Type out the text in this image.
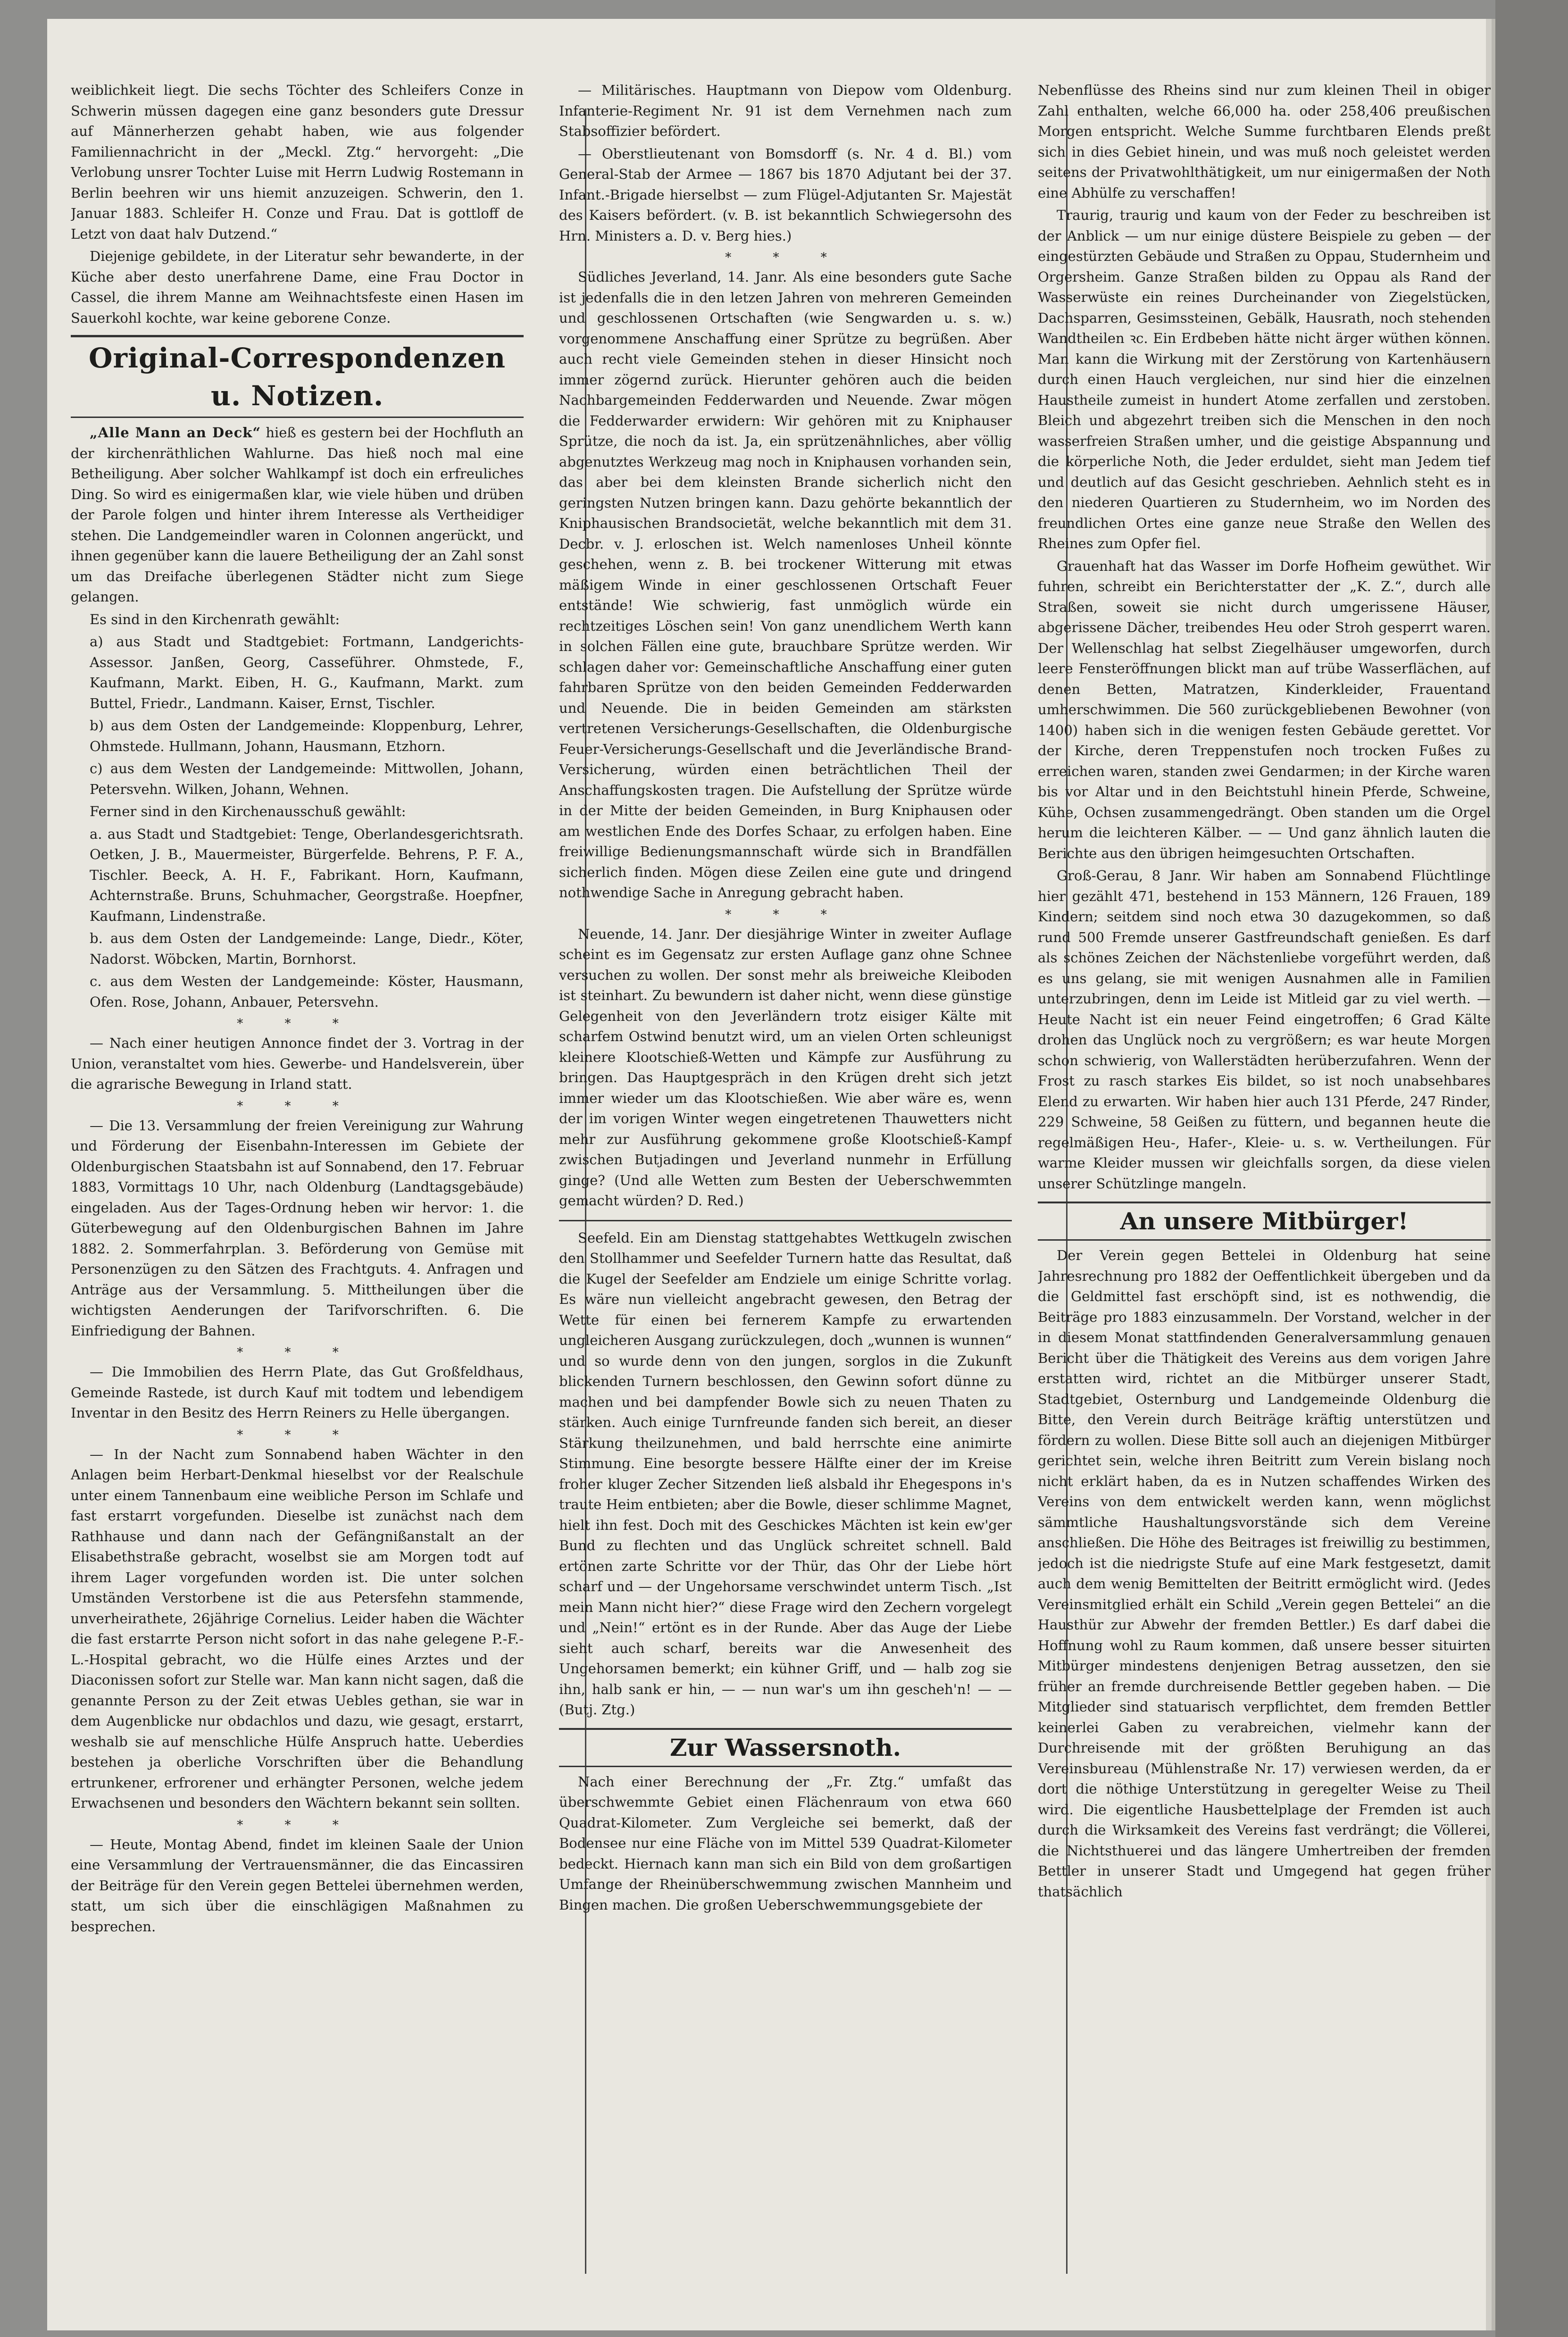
weiblichkeit liegt. Die sechs Töchter des Schleifers Conze in Schwerin müssen dagegen eine ganz besonders gute Dressur auf Männerherzen gehabt haben, wie aus folgender Familiennachricht in der „Meckl. Ztg.“ hervorgeht: „Die Verlobung unsrer Tochter Luise mit Herrn Ludwig Rostemann in Berlin beehren wir uns hiemit anzuzeigen. Schwerin, den 1. Januar 1883. Schleifer H. Conze und Frau. Dat is gottloff de Letzt von daat halv Dutzend.“

Diejenige gebildete, in der Literatur sehr bewanderte, in der Küche aber desto unerfahrene Dame, eine Frau Doctor in Cassel, die ihrem Manne am Weihnachtsfeste einen Hasen im Sauerkohl kochte, war keine geborene Conze.

Original-Correspondenzen u. Notizen.

„Alle Mann an Deck“ hieß es gestern bei der Hochfluth an der kirchenräthlichen Wahlurne. Das hieß noch mal eine Betheiligung. Aber solcher Wahlkampf ist doch ein erfreuliches Ding. So wird es einigermaßen klar, wie viele hüben und drüben der Parole folgen und hinter ihrem Interesse als Vertheidiger stehen. Die Landgemeindler waren in Colonnen angerückt, und ihnen gegenüber kann die lauere Betheiligung der an Zahl sonst um das Dreifache überlegenen Städter nicht zum Siege gelangen.

Es sind in den Kirchenrath gewählt:

a) aus Stadt und Stadtgebiet: Fortmann, Landgerichts-Assessor. Janßen, Georg, Casseführer. Ohmstede, F., Kaufmann, Markt. Eiben, H. G., Kaufmann, Markt. zum Buttel, Friedr., Landmann. Kaiser, Ernst, Tischler.

b) aus dem Osten der Landgemeinde: Kloppenburg, Lehrer, Ohmstede. Hullmann, Johann, Hausmann, Etzhorn.

c) aus dem Westen der Landgemeinde: Mittwollen, Johann, Petersvehn. Wilken, Johann, Wehnen.

Ferner sind in den Kirchenausschuß gewählt:

a. aus Stadt und Stadtgebiet: Tenge, Oberlandesgerichtsrath. Oetken, J. B., Mauermeister, Bürgerfelde. Behrens, P. F. A., Tischler. Beeck, A. H. F., Fabrikant. Horn, Kaufmann, Achternstraße. Bruns, Schuhmacher, Georgstraße. Hoepfner, Kaufmann, Lindenstraße.

b. aus dem Osten der Landgemeinde: Lange, Diedr., Köter, Nadorst. Wöbcken, Martin, Bornhorst.

c. aus dem Westen der Landgemeinde: Köster, Hausmann, Ofen. Rose, Johann, Anbauer, Petersvehn.

* * *

— Nach einer heutigen Annonce findet der 3. Vortrag in der Union, veranstaltet vom hies. Gewerbe- und Handelsverein, über die agrarische Bewegung in Irland statt.

* * *

— Die 13. Versammlung der freien Vereinigung zur Wahrung und Förderung der Eisenbahn-Interessen im Gebiete der Oldenburgischen Staatsbahn ist auf Sonnabend, den 17. Februar 1883, Vormittags 10 Uhr, nach Oldenburg (Landtagsgebäude) eingeladen. Aus der Tages-Ordnung heben wir hervor: 1. die Güterbewegung auf den Oldenburgischen Bahnen im Jahre 1882. 2. Sommerfahrplan. 3. Beförderung von Gemüse mit Personenzügen zu den Sätzen des Frachtguts. 4. Anfragen und Anträge aus der Versammlung. 5. Mittheilungen über die wichtigsten Aenderungen der Tarifvorschriften. 6. Die Einfriedigung der Bahnen.

* * *

— Die Immobilien des Herrn Plate, das Gut Großfeldhaus, Gemeinde Rastede, ist durch Kauf mit todtem und lebendigem Inventar in den Besitz des Herrn Reiners zu Helle übergangen.

* * *

— In der Nacht zum Sonnabend haben Wächter in den Anlagen beim Herbart-Denkmal hieselbst vor der Realschule unter einem Tannenbaum eine weibliche Person im Schlafe und fast erstarrt vorgefunden. Dieselbe ist zunächst nach dem Rathhause und dann nach der Gefängnißanstalt an der Elisabethstraße gebracht, woselbst sie am Morgen todt auf ihrem Lager vorgefunden worden ist. Die unter solchen Umständen Verstorbene ist die aus Petersfehn stammende, unverheirathete, 26jährige Cornelius. Leider haben die Wächter die fast erstarrte Person nicht sofort in das nahe gelegene P.-F.-L.-Hospital gebracht, wo die Hülfe eines Arztes und der Diaconissen sofort zur Stelle war. Man kann nicht sagen, daß die genannte Person zu der Zeit etwas Uebles gethan, sie war in dem Augenblicke nur obdachlos und dazu, wie gesagt, erstarrt, weshalb sie auf menschliche Hülfe Anspruch hatte. Ueberdies bestehen ja oberliche Vorschriften über die Behandlung ertrunkener, erfrorener und erhängter Personen, welche jedem Erwachsenen und besonders den Wächtern bekannt sein sollten.

* * *

— Heute, Montag Abend, findet im kleinen Saale der Union eine Versammlung der Vertrauensmänner, die das Eincassiren der Beiträge für den Verein gegen Bettelei übernehmen werden, statt, um sich über die einschlägigen Maßnahmen zu besprechen.

— Militärisches. Hauptmann von Diepow vom Oldenburg. Infanterie-Regiment Nr. 91 ist dem Vernehmen nach zum Stabsoffizier befördert.

— Oberstlieutenant von Bomsdorff (s. Nr. 4 d. Bl.) vom General-Stab der Armee — 1867 bis 1870 Adjutant bei der 37. Infant.-Brigade hierselbst — zum Flügel-Adjutanten Sr. Majestät des Kaisers befördert. (v. B. ist bekanntlich Schwiegersohn des Hrn. Ministers a. D. v. Berg hies.)

* * *

Südliches Jeverland, 14. Janr. Als eine besonders gute Sache ist jedenfalls die in den letzen Jahren von mehreren Gemeinden und geschlossenen Ortschaften (wie Sengwarden u. s. w.) vorgenommene Anschaffung einer Sprütze zu begrüßen. Aber auch recht viele Gemeinden stehen in dieser Hinsicht noch immer zögernd zurück. Hierunter gehören auch die beiden Nachbargemeinden Fedderwarden und Neuende. Zwar mögen die Fedderwarder erwidern: Wir gehören mit zu Kniphauser Sprütze, die noch da ist. Ja, ein sprützenähnliches, aber völlig abgenutztes Werkzeug mag noch in Kniphausen vorhanden sein, das aber bei dem kleinsten Brande sicherlich nicht den geringsten Nutzen bringen kann. Dazu gehörte bekanntlich der Kniphausischen Brandsocietät, welche bekanntlich mit dem 31. Decbr. v. J. erloschen ist. Welch namenloses Unheil könnte geschehen, wenn z. B. bei trockener Witterung mit etwas mäßigem Winde in einer geschlossenen Ortschaft Feuer entstände! Wie schwierig, fast unmöglich würde ein rechtzeitiges Löschen sein! Von ganz unendlichem Werth kann in solchen Fällen eine gute, brauchbare Sprütze werden. Wir schlagen daher vor: Gemeinschaftliche Anschaffung einer guten fahrbaren Sprütze von den beiden Gemeinden Fedderwarden und Neuende. Die in beiden Gemeinden am stärksten vertretenen Versicherungs-Gesellschaften, die Oldenburgische Feuer-Versicherungs-Gesellschaft und die Jeverländische Brand-Versicherung, würden einen beträchtlichen Theil der Anschaffungskosten tragen. Die Aufstellung der Sprütze würde in der Mitte der beiden Gemeinden, in Burg Kniphausen oder am westlichen Ende des Dorfes Schaar, zu erfolgen haben. Eine freiwillige Bedienungsmannschaft würde sich in Brandfällen sicherlich finden. Mögen diese Zeilen eine gute und dringend nothwendige Sache in Anregung gebracht haben.

* * *

Neuende, 14. Janr. Der diesjährige Winter in zweiter Auflage scheint es im Gegensatz zur ersten Auflage ganz ohne Schnee versuchen zu wollen. Der sonst mehr als breiweiche Kleiboden ist steinhart. Zu bewundern ist daher nicht, wenn diese günstige Gelegenheit von den Jeverländern trotz eisiger Kälte mit scharfem Ostwind benutzt wird, um an vielen Orten schleunigst kleinere Klootschieß-Wetten und Kämpfe zur Ausführung zu bringen. Das Hauptgespräch in den Krügen dreht sich jetzt immer wieder um das Klootschießen. Wie aber wäre es, wenn der im vorigen Winter wegen eingetretenen Thauwetters nicht mehr zur Ausführung gekommene große Klootschieß-Kampf zwischen Butjadingen und Jeverland nunmehr in Erfüllung ginge? (Und alle Wetten zum Besten der Ueberschwemmten gemacht würden? D. Red.)

Seefeld. Ein am Dienstag stattgehabtes Wettkugeln zwischen den Stollhammer und Seefelder Turnern hatte das Resultat, daß die Kugel der Seefelder am Endziele um einige Schritte vorlag. Es wäre nun vielleicht angebracht gewesen, den Betrag der Wette für einen bei fernerem Kampfe zu erwartenden ungleicheren Ausgang zurückzulegen, doch „wunnen is wunnen“ und so wurde denn von den jungen, sorglos in die Zukunft blickenden Turnern beschlossen, den Gewinn sofort dünne zu machen und bei dampfender Bowle sich zu neuen Thaten zu stärken. Auch einige Turnfreunde fanden sich bereit, an dieser Stärkung theilzunehmen, und bald herrschte eine animirte Stimmung. Eine besorgte bessere Hälfte einer der im Kreise froher kluger Zecher Sitzenden ließ alsbald ihr Ehegespons in's traute Heim entbieten; aber die Bowle, dieser schlimme Magnet, hielt ihn fest. Doch mit des Geschickes Mächten ist kein ew'ger Bund zu flechten und das Unglück schreitet schnell. Bald ertönen zarte Schritte vor der Thür, das Ohr der Liebe hört scharf und — der Ungehorsame verschwindet unterm Tisch. „Ist mein Mann nicht hier?“ diese Frage wird den Zechern vorgelegt und „Nein!“ ertönt es in der Runde. Aber das Auge der Liebe sieht auch scharf, bereits war die Anwesenheit des Ungehorsamen bemerkt; ein kühner Griff, und — halb zog sie ihn, halb sank er hin, — — nun war's um ihn gescheh'n! — — (Butj. Ztg.)

Zur Wassersnoth.

Nach einer Berechnung der „Fr. Ztg.“ umfaßt das überschwemmte Gebiet einen Flächenraum von etwa 660 Quadrat-Kilometer. Zum Vergleiche sei bemerkt, daß der Bodensee nur eine Fläche von im Mittel 539 Quadrat-Kilometer bedeckt. Hiernach kann man sich ein Bild von dem großartigen Umfange der Rheinüberschwemmung zwischen Mannheim und Bingen machen. Die großen Ueberschwemmungsgebiete der

Nebenflüsse des Rheins sind nur zum kleinen Theil in obiger Zahl enthalten, welche 66,000 ha. oder 258,406 preußischen Morgen entspricht. Welche Summe furchtbaren Elends preßt sich in dies Gebiet hinein, und was muß noch geleistet werden seitens der Privatwohlthätigkeit, um nur einigermaßen der Noth eine Abhülfe zu verschaffen!

Traurig, traurig und kaum von der Feder zu beschreiben ist der Anblick — um nur einige düstere Beispiele zu geben — der eingestürzten Gebäude und Straßen zu Oppau, Studernheim und Orgersheim. Ganze Straßen bilden zu Oppau als Rand der Wasserwüste ein reines Durcheinander von Ziegelstücken, Dachsparren, Gesimssteinen, Gebälk, Hausrath, noch stehenden Wandtheilen ꝛc. Ein Erdbeben hätte nicht ärger wüthen können. Man kann die Wirkung mit der Zerstörung von Kartenhäusern durch einen Hauch vergleichen, nur sind hier die einzelnen Haustheile zumeist in hundert Atome zerfallen und zerstoben. Bleich und abgezehrt treiben sich die Menschen in den noch wasserfreien Straßen umher, und die geistige Abspannung und die körperliche Noth, die Jeder erduldet, sieht man Jedem tief und deutlich auf das Gesicht geschrieben. Aehnlich steht es in den niederen Quartieren zu Studernheim, wo im Norden des freundlichen Ortes eine ganze neue Straße den Wellen des Rheines zum Opfer fiel.

Grauenhaft hat das Wasser im Dorfe Hofheim gewüthet. Wir fuhren, schreibt ein Berichterstatter der „K. Z.“, durch alle Straßen, soweit sie nicht durch umgerissene Häuser, abgerissene Dächer, treibendes Heu oder Stroh gesperrt waren. Der Wellenschlag hat selbst Ziegelhäuser umgeworfen, durch leere Fensteröffnungen blickt man auf trübe Wasserflächen, auf denen Betten, Matratzen, Kinderkleider, Frauentand umherschwimmen. Die 560 zurückgebliebenen Bewohner (von 1400) haben sich in die wenigen festen Gebäude gerettet. Vor der Kirche, deren Treppenstufen noch trocken Fußes zu erreichen waren, standen zwei Gendarmen; in der Kirche waren bis vor Altar und in den Beichtstuhl hinein Pferde, Schweine, Kühe, Ochsen zusammengedrängt. Oben standen um die Orgel herum die leichteren Kälber. — — Und ganz ähnlich lauten die Berichte aus den übrigen heimgesuchten Ortschaften.

Groß-Gerau, 8 Janr. Wir haben am Sonnabend Flüchtlinge hier gezählt 471, bestehend in 153 Männern, 126 Frauen, 189 Kindern; seitdem sind noch etwa 30 dazugekommen, so daß rund 500 Fremde unserer Gastfreundschaft genießen. Es darf als schönes Zeichen der Nächstenliebe vorgeführt werden, daß es uns gelang, sie mit wenigen Ausnahmen alle in Familien unterzubringen, denn im Leide ist Mitleid gar zu viel werth. — Heute Nacht ist ein neuer Feind eingetroffen; 6 Grad Kälte drohen das Unglück noch zu vergrößern; es war heute Morgen schon schwierig, von Wallerstädten herüberzufahren. Wenn der Frost zu rasch starkes Eis bildet, so ist noch unabsehbares Elend zu erwarten. Wir haben hier auch 131 Pferde, 247 Rinder, 229 Schweine, 58 Geißen zu füttern, und begannen heute die regelmäßigen Heu-, Hafer-, Kleie- u. s. w. Vertheilungen. Für warme Kleider mussen wir gleichfalls sorgen, da diese vielen unserer Schützlinge mangeln.

An unsere Mitbürger!

Der Verein gegen Bettelei in Oldenburg hat seine Jahresrechnung pro 1882 der Oeffentlichkeit übergeben und da die Geldmittel fast erschöpft sind, ist es nothwendig, die Beiträge pro 1883 einzusammeln. Der Vorstand, welcher in der in diesem Monat stattfindenden Generalversammlung genauen Bericht über die Thätigkeit des Vereins aus dem vorigen Jahre erstatten wird, richtet an die Mitbürger unserer Stadt, Stadtgebiet, Osternburg und Landgemeinde Oldenburg die Bitte, den Verein durch Beiträge kräftig unterstützen und fördern zu wollen. Diese Bitte soll auch an diejenigen Mitbürger gerichtet sein, welche ihren Beitritt zum Verein bislang noch nicht erklärt haben, da es in Nutzen schaffendes Wirken des Vereins von dem entwickelt werden kann, wenn möglichst sämmtliche Haushaltungsvorstände sich dem Vereine anschließen. Die Höhe des Beitrages ist freiwillig zu bestimmen, jedoch ist die niedrigste Stufe auf eine Mark festgesetzt, damit auch dem wenig Bemittelten der Beitritt ermöglicht wird. (Jedes Vereinsmitglied erhält ein Schild „Verein gegen Bettelei“ an die Hausthür zur Abwehr der fremden Bettler.) Es darf dabei die Hoffnung wohl zu Raum kommen, daß unsere besser situirten Mitbürger mindestens denjenigen Betrag aussetzen, den sie früher an fremde durchreisende Bettler gegeben haben. — Die Mitglieder sind statuarisch verpflichtet, dem fremden Bettler keinerlei Gaben zu verabreichen, vielmehr kann der Durchreisende mit der größten Beruhigung an das Vereinsbureau (Mühlenstraße Nr. 17) verwiesen werden, da er dort die nöthige Unterstützung in geregelter Weise zu Theil wird. Die eigentliche Hausbettelplage der Fremden ist auch durch die Wirksamkeit des Vereins fast verdrängt; die Völlerei, die Nichtsthuerei und das längere Umhertreiben der fremden Bettler in unserer Stadt und Umgegend hat gegen früher thatsächlich
